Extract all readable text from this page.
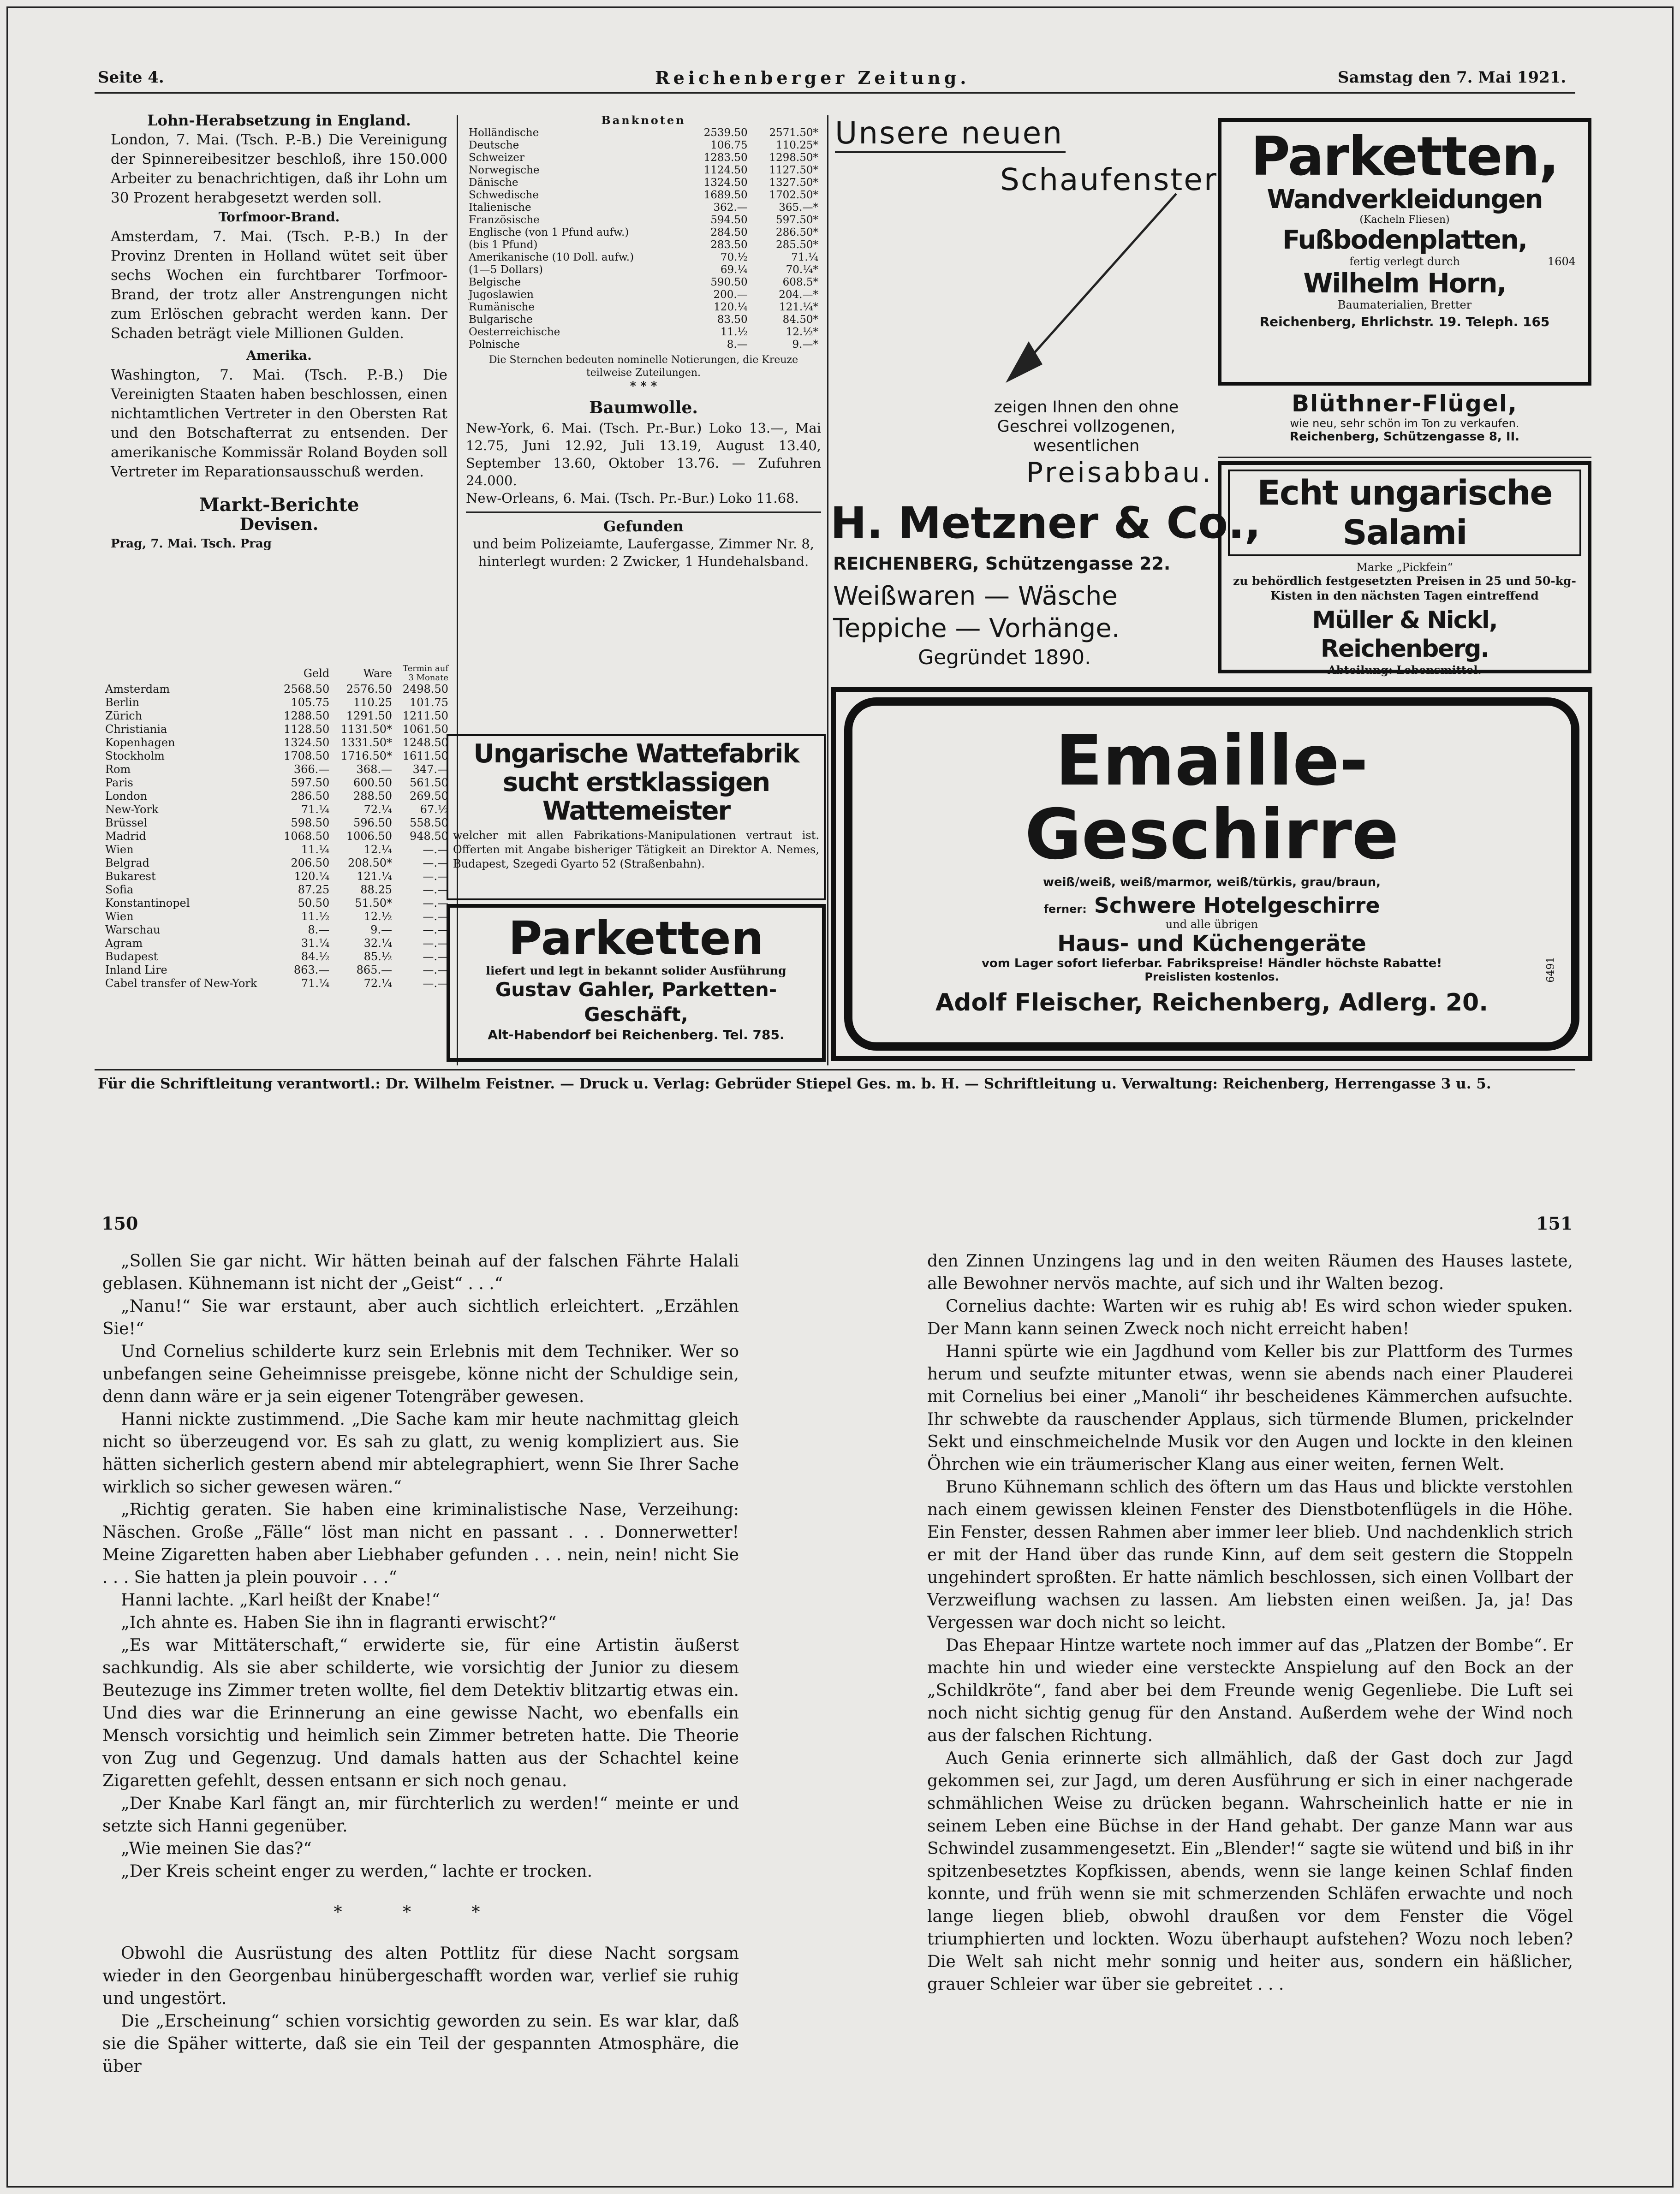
Seite 4.	Reichenberger Zeitung.	Samstag den 7. Mai 1921.

Lohn-Herabsetzung in England.

London, 7. Mai. (Tsch. P.-B.) Die Vereinigung der Spinnereibesitzer beschloß, ihre 150.000 Arbeiter zu benachrichtigen, daß ihr Lohn um 30 Prozent herabgesetzt werden soll.

Torfmoor-Brand.

Amsterdam, 7. Mai. (Tsch. P.-B.) In der Provinz Drenten in Holland wütet seit über sechs Wochen ein furchtbarer Torfmoor-Brand, der trotz aller Anstrengungen nicht zum Erlöschen gebracht werden kann. Der Schaden beträgt viele Millionen Gulden.

Amerika.

Washington, 7. Mai. (Tsch. P.-B.) Die Vereinigten Staaten haben beschlossen, einen nichtamtlichen Vertreter in den Obersten Rat und den Botschafterrat zu entsenden. Der amerikanische Kommissär Roland Boyden soll Vertreter im Reparationsausschuß werden.

Markt-Berichte

Devisen.

Prag, 7. Mai. Tsch. Prag

	Geld	Ware	Termin auf 3 Monate
Amsterdam	2568.50	2576.50	2498.50
Berlin	105.75	110.25	101.75
Zürich	1288.50	1291.50	1211.50
Christiania	1128.50	1131.50*	1061.50
Kopenhagen	1324.50	1331.50*	1248.50
Stockholm	1708.50	1716.50*	1611.50
Rom	366.—	368.—	347.—
Paris	597.50	600.50	561.50
London	286.50	288.50	269.50
New-York	71.¼	72.¼	67.½
Brüssel	598.50	596.50	558.50
Madrid	1068.50	1006.50	948.50
Wien	11.¼	12.¼	—.—
Belgrad	206.50	208.50*	—.—
Bukarest	120.¼	121.¼	—.—
Sofia	87.25	88.25	—.—
Konstantinopel	50.50	51.50*	—.—
Wien	11.½	12.½	—.—
Warschau	8.—	9.—	—.—
Agram	31.¼	32.¼	—.—
Budapest	84.½	85.½	—.—
Inland Lire	863.—	865.—	—.—
Cabel transfer of New-York	71.¼	72.¼	—.—
Banknoten
Holländische	2539.50	2571.50*
Deutsche	106.75	110.25*
Schweizer	1283.50	1298.50*
Norwegische	1124.50	1127.50*
Dänische	1324.50	1327.50*
Schwedische	1689.50	1702.50*
Italienische	362.—	365.—*
Französische	594.50	597.50*
Englische (von 1 Pfund aufw.)	284.50	286.50*
(bis 1 Pfund)	283.50	285.50*
Amerikanische (10 Doll. aufw.)	70.½	71.¼
(1—5 Dollars)	69.¼	70.¼*
Belgische	590.50	608.5*
Jugoslawien	200.—	204.—*
Rumänische	120.¼	121.¼*
Bulgarische	83.50	84.50*
Oesterreichische	11.½	12.½*
Polnische	8.—	9.—*
Die Sternchen bedeuten nominelle Notierungen, die Kreuze teilweise Zuteilungen.
* * *
Baumwolle.
New-York, 6. Mai. (Tsch. Pr.-Bur.) Loko 13.—, Mai 12.75, Juni 12.92, Juli 13.19, August 13.40, September 13.60, Oktober 13.76. — Zufuhren 24.000.
New-Orleans, 6. Mai. (Tsch. Pr.-Bur.) Loko 11.68.
Gefunden
und beim Polizeiamte, Laufergasse, Zimmer Nr. 8, hinterlegt wurden: 2 Zwicker, 1 Hundehalsband.
Ungarische Wattefabrik sucht erstklassigen Wattemeister
welcher mit allen Fabrikations-Manipulationen vertraut ist. Offerten mit Angabe bisheriger Tätigkeit an Direktor A. Nemes, Budapest, Szegedi Gyarto 52 (Straßenbahn).
Parketten
liefert und legt in bekannt solider Ausführung
Gustav Gahler, Parketten-Geschäft,
Alt-Habendorf bei Reichenberg. Tel. 785.
Unsere neuen
Schaufenster
zeigen Ihnen den ohne Geschrei vollzogenen, wesentlichen
Preisabbau.
H. Metzner & Co.,
REICHENBERG, Schützengasse 22.
Weißwaren — Wäsche
Teppiche — Vorhänge.
Gegründet 1890.
Parketten,
Wandverkleidungen
(Kacheln Fliesen)
Fußbodenplatten,
fertig verlegt durch	1604
Wilhelm Horn,
Baumaterialien, Bretter
Reichenberg, Ehrlichstr. 19. Teleph. 165
Blüthner-Flügel,
wie neu, sehr schön im Ton zu verkaufen.
Reichenberg, Schützengasse 8, II.
Echt ungarische Salami
Marke „Pickfein“
zu behördlich festgesetzten Preisen in 25 und 50-kg-Kisten in den nächsten Tagen eintreffend
Müller & Nickl, Reichenberg.
Abteilung: Lebensmittel.
Emaille-Geschirre
weiß/weiß, weiß/marmor, weiß/türkis, grau/braun,
ferner: Schwere Hotelgeschirre
und alle übrigen
Haus- und Küchengeräte
vom Lager sofort lieferbar. Fabrikspreise! Händler höchste Rabatte!
Preislisten kostenlos.
Adolf Fleischer, Reichenberg, Adlerg. 20.
6491
Für die Schriftleitung verantwortl.: Dr. Wilhelm Feistner. — Druck u. Verlag: Gebrüder Stiepel Ges. m. b. H. — Schriftleitung u. Verwaltung: Reichenberg, Herrengasse 3 u. 5.
150	151

„Sollen Sie gar nicht. Wir hätten beinah auf der falschen Fährte Halali geblasen. Kühnemann ist nicht der „Geist“ . . .“

„Nanu!“ Sie war erstaunt, aber auch sichtlich erleichtert. „Erzählen Sie!“

Und Cornelius schilderte kurz sein Erlebnis mit dem Techniker. Wer so unbefangen seine Geheimnisse preisgebe, könne nicht der Schuldige sein, denn dann wäre er ja sein eigener Totengräber gewesen.

Hanni nickte zustimmend. „Die Sache kam mir heute nachmittag gleich nicht so überzeugend vor. Es sah zu glatt, zu wenig kompliziert aus. Sie hätten sicherlich gestern abend mir abtelegraphiert, wenn Sie Ihrer Sache wirklich so sicher gewesen wären.“

„Richtig geraten. Sie haben eine kriminalistische Nase, Verzeihung: Näschen. Große „Fälle“ löst man nicht en passant . . . Donnerwetter! Meine Zigaretten haben aber Liebhaber gefunden . . . nein, nein! nicht Sie . . . Sie hatten ja plein pouvoir . . .“

Hanni lachte. „Karl heißt der Knabe!“

„Ich ahnte es. Haben Sie ihn in flagranti erwischt?“

„Es war Mittäterschaft,“ erwiderte sie, für eine Artistin äußerst sachkundig. Als sie aber schilderte, wie vorsichtig der Junior zu diesem Beutezuge ins Zimmer treten wollte, fiel dem Detektiv blitzartig etwas ein. Und dies war die Erinnerung an eine gewisse Nacht, wo ebenfalls ein Mensch vorsichtig und heimlich sein Zimmer betreten hatte. Die Theorie von Zug und Gegenzug. Und damals hatten aus der Schachtel keine Zigaretten gefehlt, dessen entsann er sich noch genau.

„Der Knabe Karl fängt an, mir fürchterlich zu werden!“ meinte er und setzte sich Hanni gegenüber.

„Wie meinen Sie das?“

„Der Kreis scheint enger zu werden,“ lachte er trocken.

* * *

Obwohl die Ausrüstung des alten Pottlitz für diese Nacht sorgsam wieder in den Georgenbau hinübergeschafft worden war, verlief sie ruhig und ungestört.

Die „Erscheinung“ schien vorsichtig geworden zu sein. Es war klar, daß sie die Späher witterte, daß sie ein Teil der gespannten Atmosphäre, die über

den Zinnen Unzingens lag und in den weiten Räumen des Hauses lastete, alle Bewohner nervös machte, auf sich und ihr Walten bezog.

Cornelius dachte: Warten wir es ruhig ab! Es wird schon wieder spuken. Der Mann kann seinen Zweck noch nicht erreicht haben!

Hanni spürte wie ein Jagdhund vom Keller bis zur Plattform des Turmes herum und seufzte mitunter etwas, wenn sie abends nach einer Plauderei mit Cornelius bei einer „Manoli“ ihr bescheidenes Kämmerchen aufsuchte. Ihr schwebte da rauschender Applaus, sich türmende Blumen, prickelnder Sekt und einschmeichelnde Musik vor den Augen und lockte in den kleinen Öhrchen wie ein träumerischer Klang aus einer weiten, fernen Welt.

Bruno Kühnemann schlich des öftern um das Haus und blickte verstohlen nach einem gewissen kleinen Fenster des Dienstbotenflügels in die Höhe. Ein Fenster, dessen Rahmen aber immer leer blieb. Und nachdenklich strich er mit der Hand über das runde Kinn, auf dem seit gestern die Stoppeln ungehindert sproßten. Er hatte nämlich beschlossen, sich einen Vollbart der Verzweiflung wachsen zu lassen. Am liebsten einen weißen. Ja, ja! Das Vergessen war doch nicht so leicht.

Das Ehepaar Hintze wartete noch immer auf das „Platzen der Bombe“. Er machte hin und wieder eine versteckte Anspielung auf den Bock an der „Schildkröte“, fand aber bei dem Freunde wenig Gegenliebe. Die Luft sei noch nicht sichtig genug für den Anstand. Außerdem wehe der Wind noch aus der falschen Richtung.

Auch Genia erinnerte sich allmählich, daß der Gast doch zur Jagd gekommen sei, zur Jagd, um deren Ausführung er sich in einer nachgerade schmählichen Weise zu drücken begann. Wahrscheinlich hatte er nie in seinem Leben eine Büchse in der Hand gehabt. Der ganze Mann war aus Schwindel zusammengesetzt. Ein „Blender!“ sagte sie wütend und biß in ihr spitzenbesetztes Kopfkissen, abends, wenn sie lange keinen Schlaf finden konnte, und früh wenn sie mit schmerzenden Schläfen erwachte und noch lange liegen blieb, obwohl draußen vor dem Fenster die Vögel triumphierten und lockten. Wozu überhaupt aufstehen? Wozu noch leben? Die Welt sah nicht mehr sonnig und heiter aus, sondern ein häßlicher, grauer Schleier war über sie gebreitet . . .
